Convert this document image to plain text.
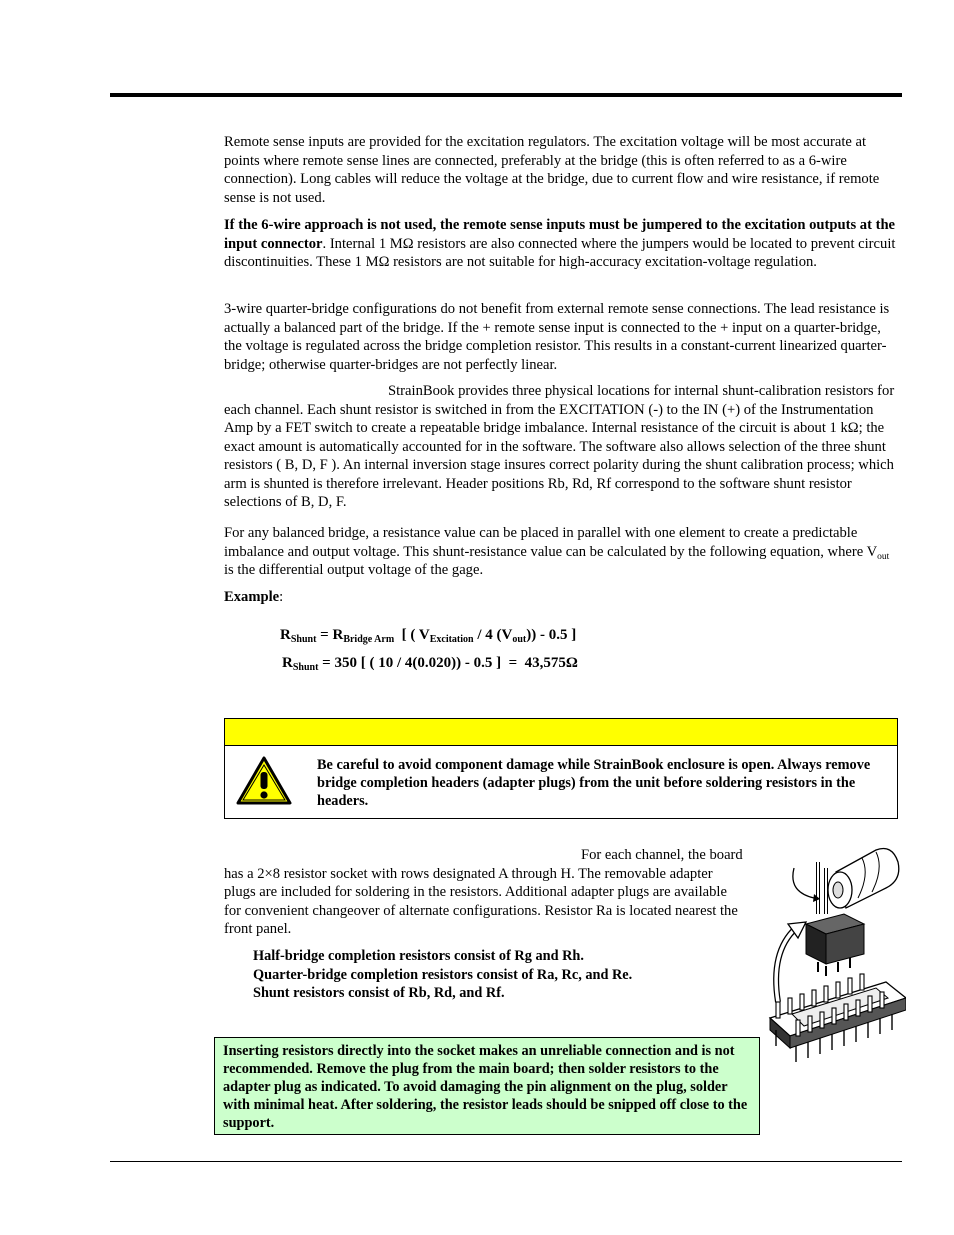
Remote sense inputs are provided for the excitation regulators. The excitation voltage will be most accurate at points where remote sense lines are connected, preferably at the bridge (this is often referred to as a 6-wire connection). Long cables will reduce the voltage at the bridge, due to current flow and wire resistance, if remote sense is not used.

If the 6-wire approach is not used, the remote sense inputs must be jumpered to the excitation outputs at the input connector. Internal 1 MΩ resistors are also connected where the jumpers would be located to prevent circuit discontinuities. These 1 MΩ resistors are not suitable for high-accuracy excitation-voltage regulation.

3-wire quarter-bridge configurations do not benefit from external remote sense connections. The lead resistance is actually a balanced part of the bridge. If the + remote sense input is connected to the + input on a quarter-bridge, the voltage is regulated across the bridge completion resistor. This results in a constant-current linearized quarter-bridge; otherwise quarter-bridges are not perfectly linear.

StrainBook provides three physical locations for internal shunt-calibration resistors for each channel. Each shunt resistor is switched in from the EXCITATION (-) to the IN (+) of the Instrumentation Amp by a FET switch to create a repeatable bridge imbalance. Internal resistance of the circuit is about 1 kΩ; the exact amount is automatically accounted for in the software. The software also allows selection of the three shunt resistors ( B, D, F ). An internal inversion stage insures correct polarity during the shunt calibration process; which arm is shunted is therefore irrelevant. Header positions Rb, Rd, Rf correspond to the software shunt resistor selections of B, D, F.

For any balanced bridge, a resistance value can be placed in parallel with one element to create a predictable imbalance and output voltage. This shunt-resistance value can be calculated by the following equation, where $V_{out}$ is the differential output voltage of the gage.

Example:

$R_{Shunt} = R_{Bridge Arm}$  [ ( $V_{Excitation} / 4$ $(V_{out})) - 0.5$ ]
$R_{Shunt} = 350$ [ ( 10 / 4(0.020)) - 0.5 ]  =  43,575Ω

Be careful to avoid component damage while StrainBook enclosure is open. Always remove bridge completion headers (adapter plugs) from the unit before soldering resistors in the headers.

For each channel, the board has a 2×8 resistor socket with rows designated A through H. The removable adapter plugs are included for soldering in the resistors. Additional adapter plugs are available for convenient changeover of alternate configurations. Resistor Ra is located nearest the front panel.

Half-bridge completion resistors consist of Rg and Rh.
Quarter-bridge completion resistors consist of Ra, Rc, and Re.
Shunt resistors consist of Rb, Rd, and Rf.

Inserting resistors directly into the socket makes an unreliable connection and is not recommended. Remove the plug from the main board; then solder resistors to the adapter plug as indicated. To avoid damaging the pin alignment on the plug, solder with minimal heat. After soldering, the resistor leads should be snipped off close to the support.
